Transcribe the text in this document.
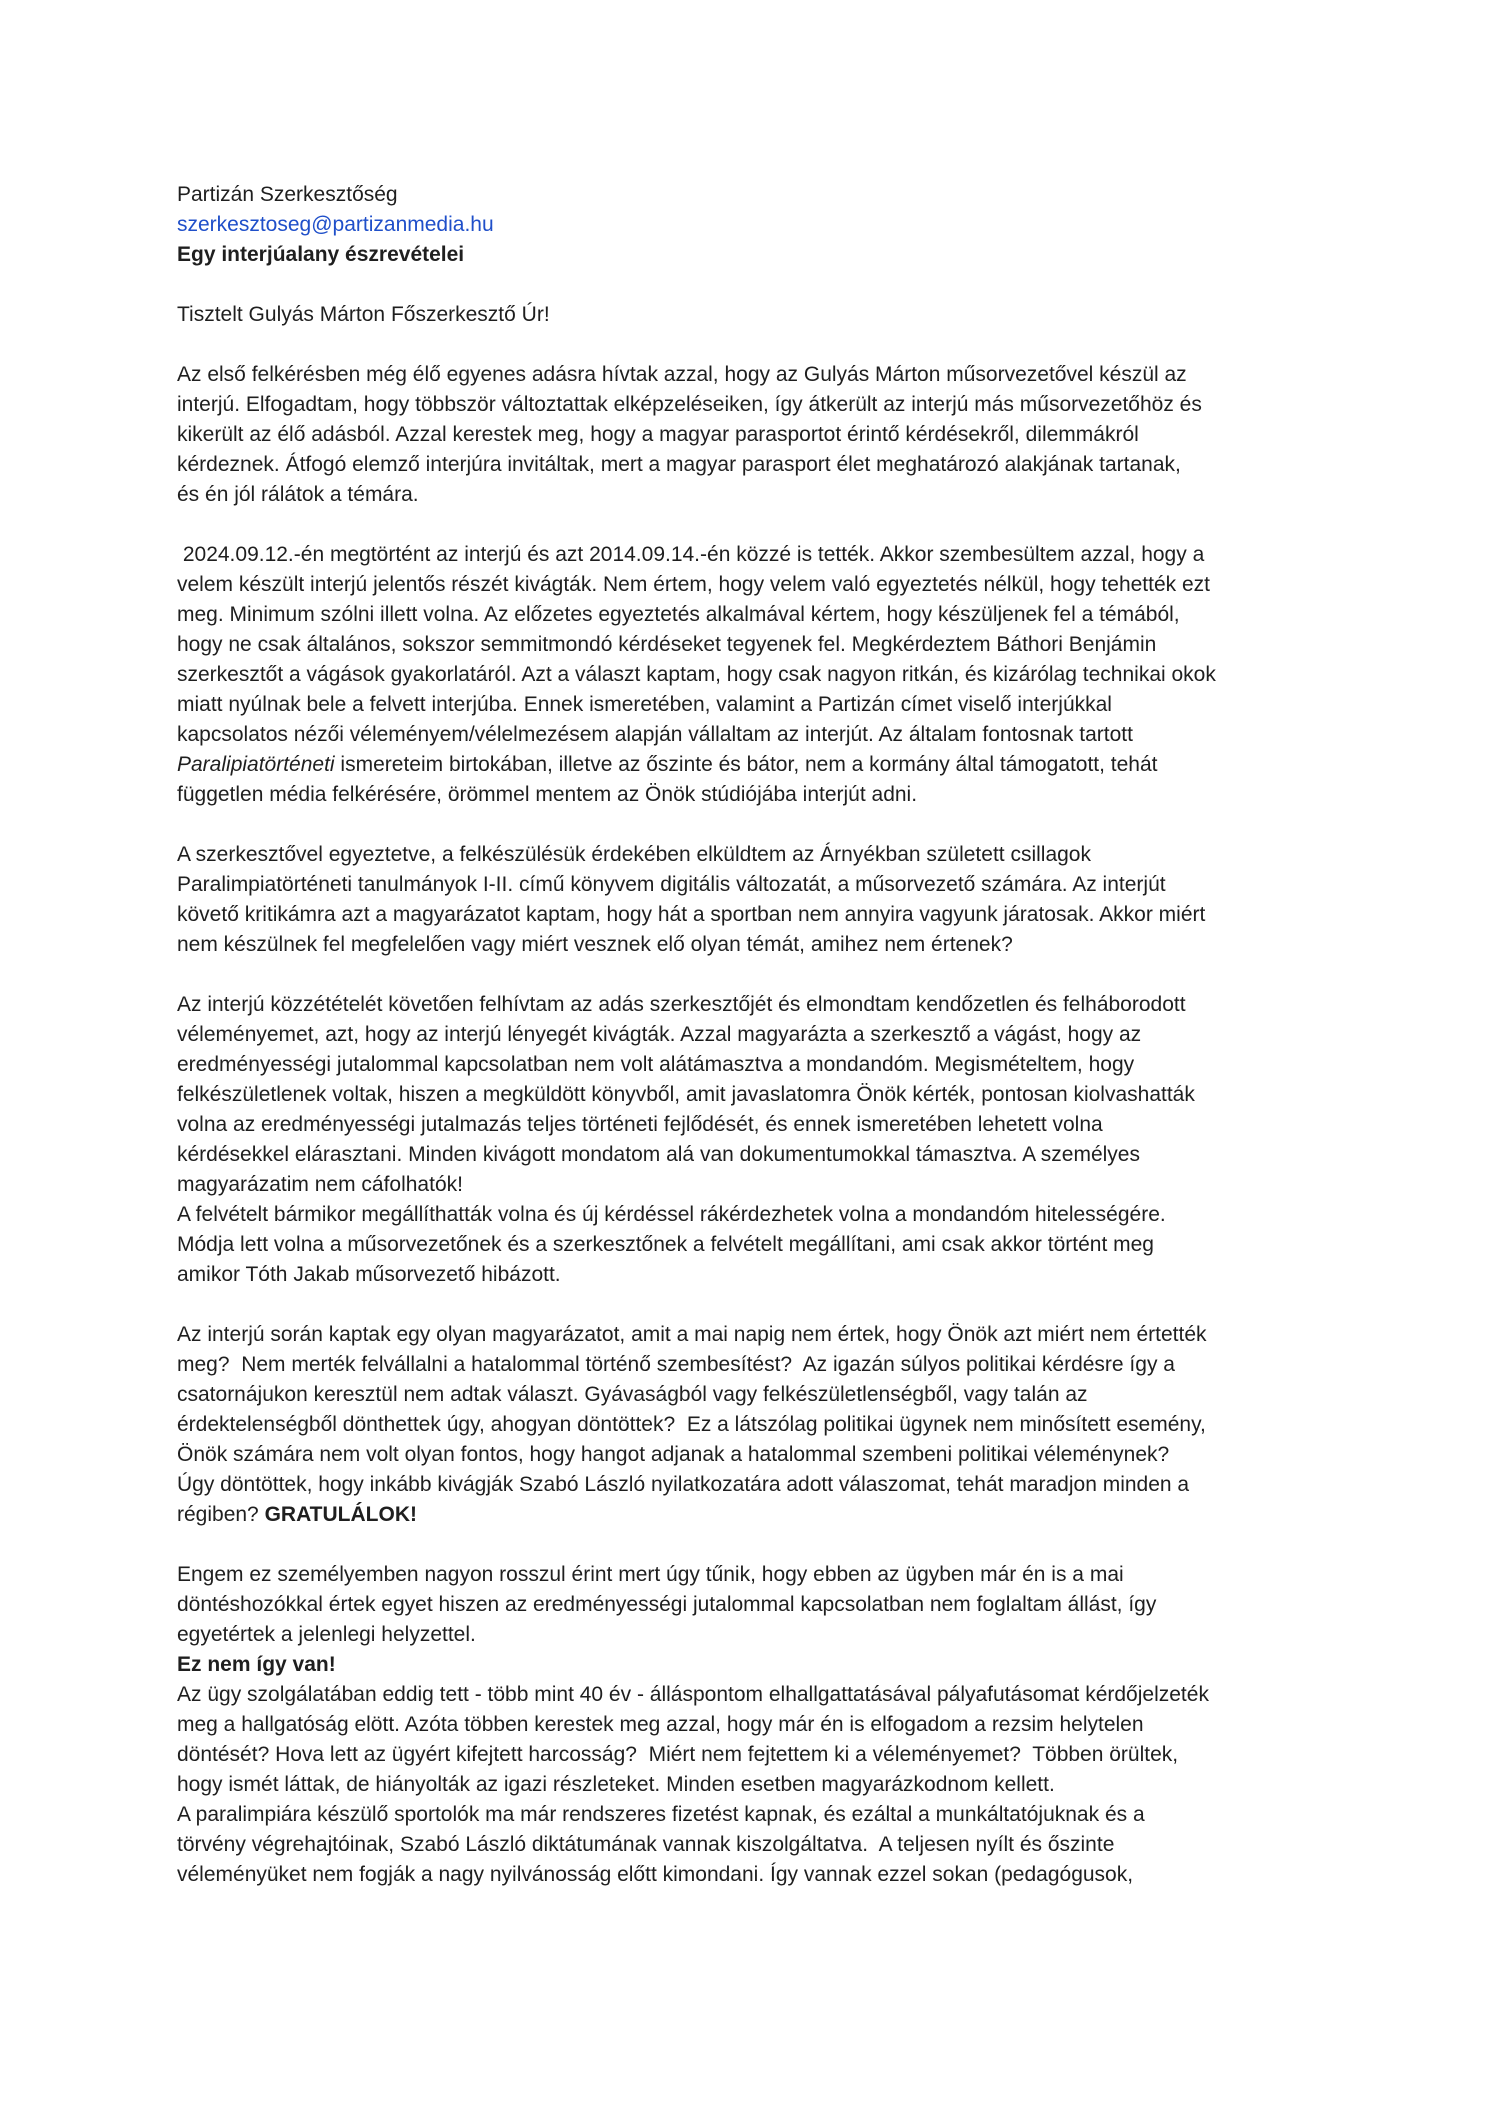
Partizán Szerkesztőség
szerkesztoseg@partizanmedia.hu
Egy interjúalany észrevételei
Tisztelt Gulyás Márton Főszerkesztő Úr!
Az első felkérésben még élő egyenes adásra hívtak azzal, hogy az Gulyás Márton műsorvezetővel készül az
interjú. Elfogadtam, hogy többször változtattak elképzeléseiken, így átkerült az interjú más műsorvezetőhöz és
kikerült az élő adásból. Azzal kerestek meg, hogy a magyar parasportot érintő kérdésekről, dilemmákról
kérdeznek. Átfogó elemző interjúra invitáltak, mert a magyar parasport élet meghatározó alakjának tartanak,
és én jól rálátok a témára.
2024.09.12.-én megtörtént az interjú és azt 2014.09.14.-én közzé is tették. Akkor szembesültem azzal, hogy a
velem készült interjú jelentős részét kivágták. Nem értem, hogy velem való egyeztetés nélkül, hogy tehették ezt
meg. Minimum szólni illett volna. Az előzetes egyeztetés alkalmával kértem, hogy készüljenek fel a témából,
hogy ne csak általános, sokszor semmitmondó kérdéseket tegyenek fel. Megkérdeztem Báthori Benjámin
szerkesztőt a vágások gyakorlatáról. Azt a választ kaptam, hogy csak nagyon ritkán, és kizárólag technikai okok
miatt nyúlnak bele a felvett interjúba. Ennek ismeretében, valamint a Partizán címet viselő interjúkkal
kapcsolatos nézői véleményem/vélelmezésem alapján vállaltam az interjút. Az általam fontosnak tartott
Paralipiatörténeti ismereteim birtokában, illetve az őszinte és bátor, nem a kormány által támogatott, tehát
független média felkérésére, örömmel mentem az Önök stúdiójába interjút adni.
A szerkesztővel egyeztetve, a felkészülésük érdekében elküldtem az Árnyékban született csillagok
Paralimpiatörténeti tanulmányok I-II. című könyvem digitális változatát, a műsorvezető számára. Az interjút
követő kritikámra azt a magyarázatot kaptam, hogy hát a sportban nem annyira vagyunk járatosak. Akkor miért
nem készülnek fel megfelelően vagy miért vesznek elő olyan témát, amihez nem értenek?
Az interjú közzétételét követően felhívtam az adás szerkesztőjét és elmondtam kendőzetlen és felháborodott
véleményemet, azt, hogy az interjú lényegét kivágták. Azzal magyarázta a szerkesztő a vágást, hogy az
eredményességi jutalommal kapcsolatban nem volt alátámasztva a mondandóm. Megismételtem, hogy
felkészületlenek voltak, hiszen a megküldött könyvből, amit javaslatomra Önök kérték, pontosan kiolvashatták
volna az eredményességi jutalmazás teljes történeti fejlődését, és ennek ismeretében lehetett volna
kérdésekkel elárasztani. Minden kivágott mondatom alá van dokumentumokkal támasztva. A személyes
magyarázatim nem cáfolhatók!
A felvételt bármikor megállíthatták volna és új kérdéssel rákérdezhetek volna a mondandóm hitelességére.
Módja lett volna a műsorvezetőnek és a szerkesztőnek a felvételt megállítani, ami csak akkor történt meg
amikor Tóth Jakab műsorvezető hibázott.
Az interjú során kaptak egy olyan magyarázatot, amit a mai napig nem értek, hogy Önök azt miért nem értették
meg?  Nem merték felvállalni a hatalommal történő szembesítést?  Az igazán súlyos politikai kérdésre így a
csatornájukon keresztül nem adtak választ. Gyávaságból vagy felkészületlenségből, vagy talán az
érdektelenségből dönthettek úgy, ahogyan döntöttek?  Ez a látszólag politikai ügynek nem minősített esemény,
Önök számára nem volt olyan fontos, hogy hangot adjanak a hatalommal szembeni politikai véleménynek?
Úgy döntöttek, hogy inkább kivágják Szabó László nyilatkozatára adott válaszomat, tehát maradjon minden a
régiben? GRATULÁLOK!
Engem ez személyemben nagyon rosszul érint mert úgy tűnik, hogy ebben az ügyben már én is a mai
döntéshozókkal értek egyet hiszen az eredményességi jutalommal kapcsolatban nem foglaltam állást, így
egyetértek a jelenlegi helyzettel.
Ez nem így van!
Az ügy szolgálatában eddig tett - több mint 40 év - álláspontom elhallgattatásával pályafutásomat kérdőjelzeték
meg a hallgatóság elött. Azóta többen kerestek meg azzal, hogy már én is elfogadom a rezsim helytelen
döntését? Hova lett az ügyért kifejtett harcosság?  Miért nem fejtettem ki a véleményemet?  Többen örültek,
hogy ismét láttak, de hiányolták az igazi részleteket. Minden esetben magyarázkodnom kellett.
A paralimpiára készülő sportolók ma már rendszeres fizetést kapnak, és ezáltal a munkáltatójuknak és a
törvény végrehajtóinak, Szabó László diktátumának vannak kiszolgáltatva.  A teljesen nyílt és őszinte
véleményüket nem fogják a nagy nyilvánosság előtt kimondani. Így vannak ezzel sokan (pedagógusok,
